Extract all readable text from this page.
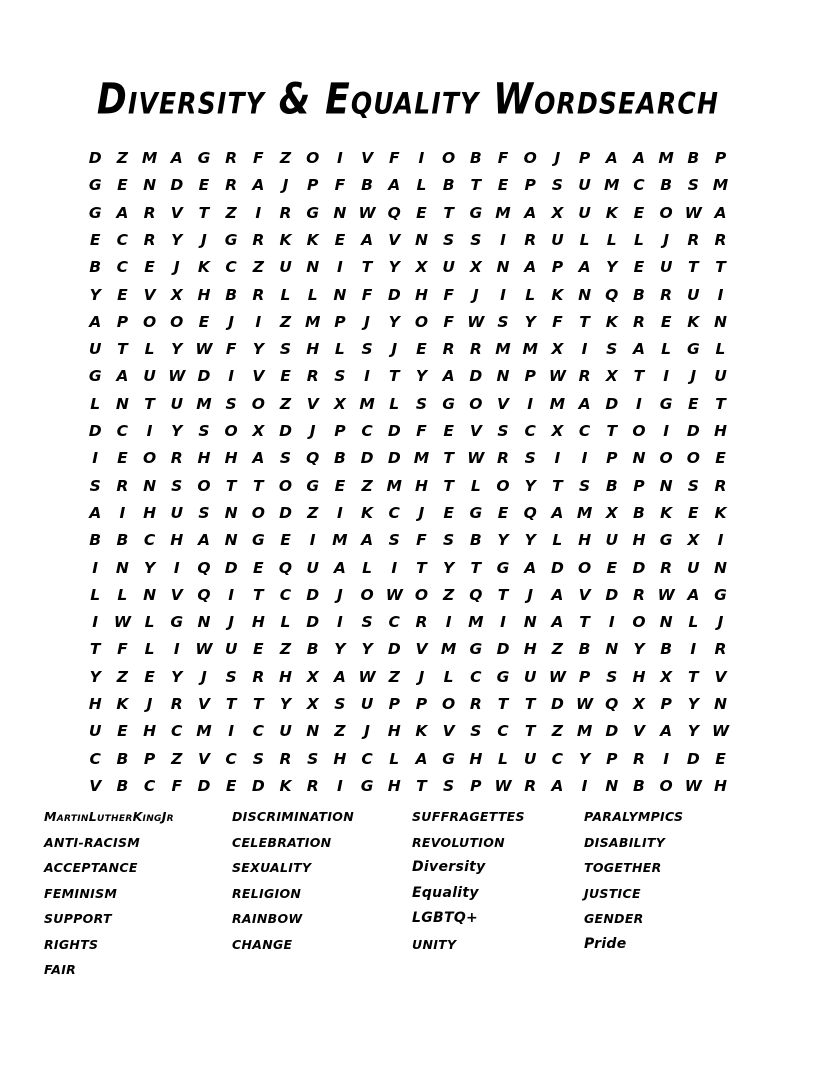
Diversity & Equality Wordsearch
D Z M A G R	F	Z O	I	V	F	I	O B	F O	J	P	A A M B	P
G	E N D E	R A	J	P	F	B A	L	B	T	E	P	S U M C	B	S M
G A R V	T	Z	I	R G N W Q E	T	G M A X U K	E O W A
E	C	R	Y	J	G R K K	E	A V N S	S	I	R U	L	L	L	J	R R
B	C	E	J	K C	Z U N	I	T	Y	X U X N A	P	A	Y	E	U	T	T
Y	E	V X H B R	L	L	N F D H F	J	I	L	K N Q B R U	I
A	P O O E	J	I	Z M P	J	Y O F W S	Y	F	T	K R	E	K N
U	T	L	Y W F	Y	S H	L	S	J	E	R R M M X	I	S	A	L	G	L
G A U W D	I	V	E	R	S	I	T	Y	A D N P W R X	T	I	J	U
L	N T	U M S O Z	V X M L	S G O V	I	M A D	I	G	E	T
D C	I	Y	S O X D	J	P	C D F	E	V	S	C	X	C	T O	I	D H
I	E O R H H A	S Q B D D M T W R	S	I	I	P N O O E
S	R N S O T	T O G	E	Z M H T	L	O Y	T	S	B	P N S	R
A	I	H U S N O D Z	I	K C	J	E	G	E Q A M X B K	E	K
B B	C H A N G	E	I	M A	S	F	S	B	Y	Y	L	H U H G X	I
I	N Y	I	Q D E Q U A	L	I	T	Y	T	G A D O E D R U N
L	L	N V Q	I	T	C D	J	O W O Z Q T	J	A V D R W A G
I	W L	G N	J	H	L	D	I	S	C	R	I	M	I	N A	T	I	O N	L	J
T	F	L	I	W U	E	Z	B	Y	Y D V M G D H Z	B N Y	B	I	R
Y	Z	E	Y	J	S	R H X A W Z	J	L	C G U W P	S H X	T	V
H K	J	R V	T	T	Y	X	S U P	P O R	T	T D W Q X	P	Y N
U	E H C M	I	C U N Z	J	H K V	S	C	T	Z M D V A	Y W
C	B	P	Z	V C	S	R	S H C	L	A G H	L	U C	Y	P	R	I	D E
V B	C	F D E D K R	I	G H T	S	P W R A	I	N B O W H
MartinLutherKingJr
ANTI-RACISM
ACCEPTANCE
FEMINISM
SUPPORT
RIGHTS
FAIR
DISCRIMINATION
CELEBRATION
SEXUALITY
RELIGION
RAINBOW
CHANGE
SUFFRAGETTES
REVOLUTION
Diversity
Equality
LGBTQ+
UNITY
PARALYMPICS
DISABILITY
TOGETHER
JUSTICE
GENDER
Pride
